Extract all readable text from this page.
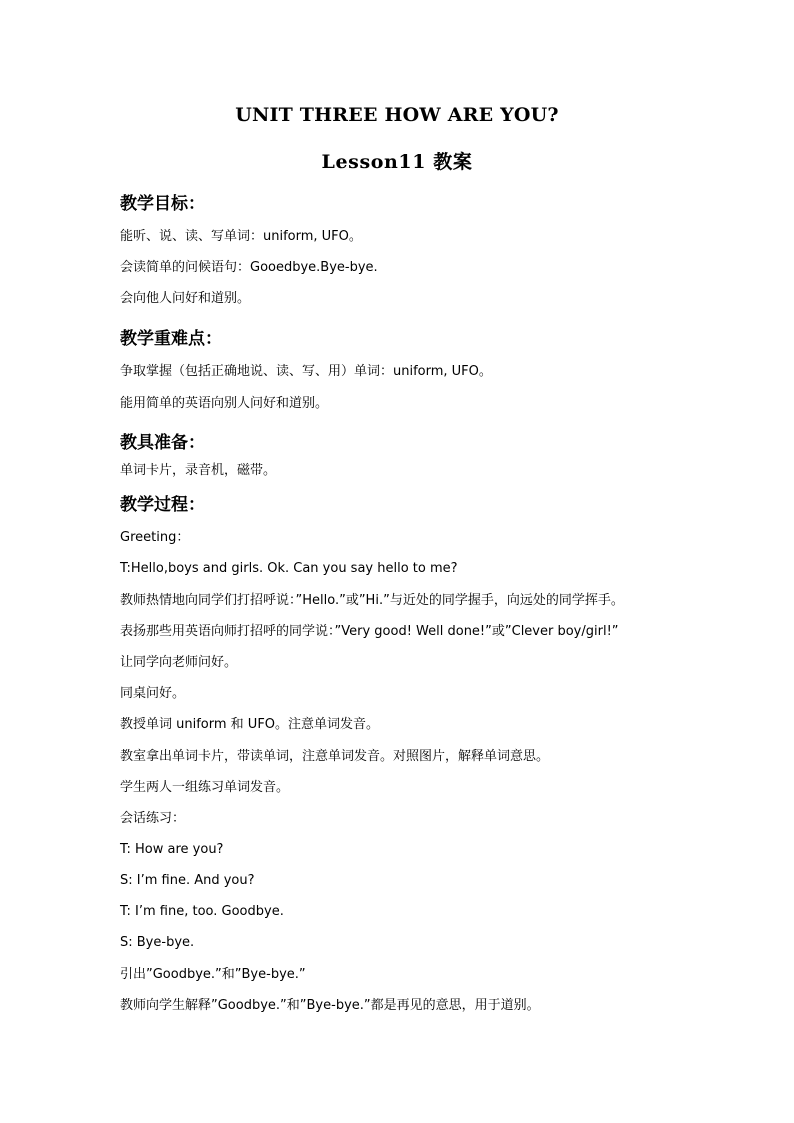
UNIT THREE HOW ARE YOU?
Lesson11 教案
教学目标：
能听、说、读、写单词：uniform, UFO。
会读简单的问候语句：Gooedbye.Bye-bye.
会向他人问好和道别。
教学重难点：
争取掌握（包括正确地说、读、写、用）单词：uniform, UFO。
能用简单的英语向别人问好和道别。
教具准备：
单词卡片，录音机，磁带。
教学过程：
Greeting：
T:Hello,boys and girls. Ok. Can you say hello to me?
教师热情地向同学们打招呼说：”Hello.”或”Hi.”与近处的同学握手，向远处的同学挥手。
表扬那些用英语向师打招呼的同学说：”Very good! Well done!”或”Clever boy/girl!”
让同学向老师问好。
同桌问好。
教授单词 uniform 和 UFO。注意单词发音。
教室拿出单词卡片，带读单词，注意单词发音。对照图片，解释单词意思。
学生两人一组练习单词发音。
会话练习：
T: How are you?
S: I’m fine. And you?
T: I’m fine, too. Goodbye.
S: Bye-bye.
引出”Goodbye.”和”Bye-bye.”
教师向学生解释”Goodbye.”和”Bye-bye.”都是再见的意思，用于道别。
